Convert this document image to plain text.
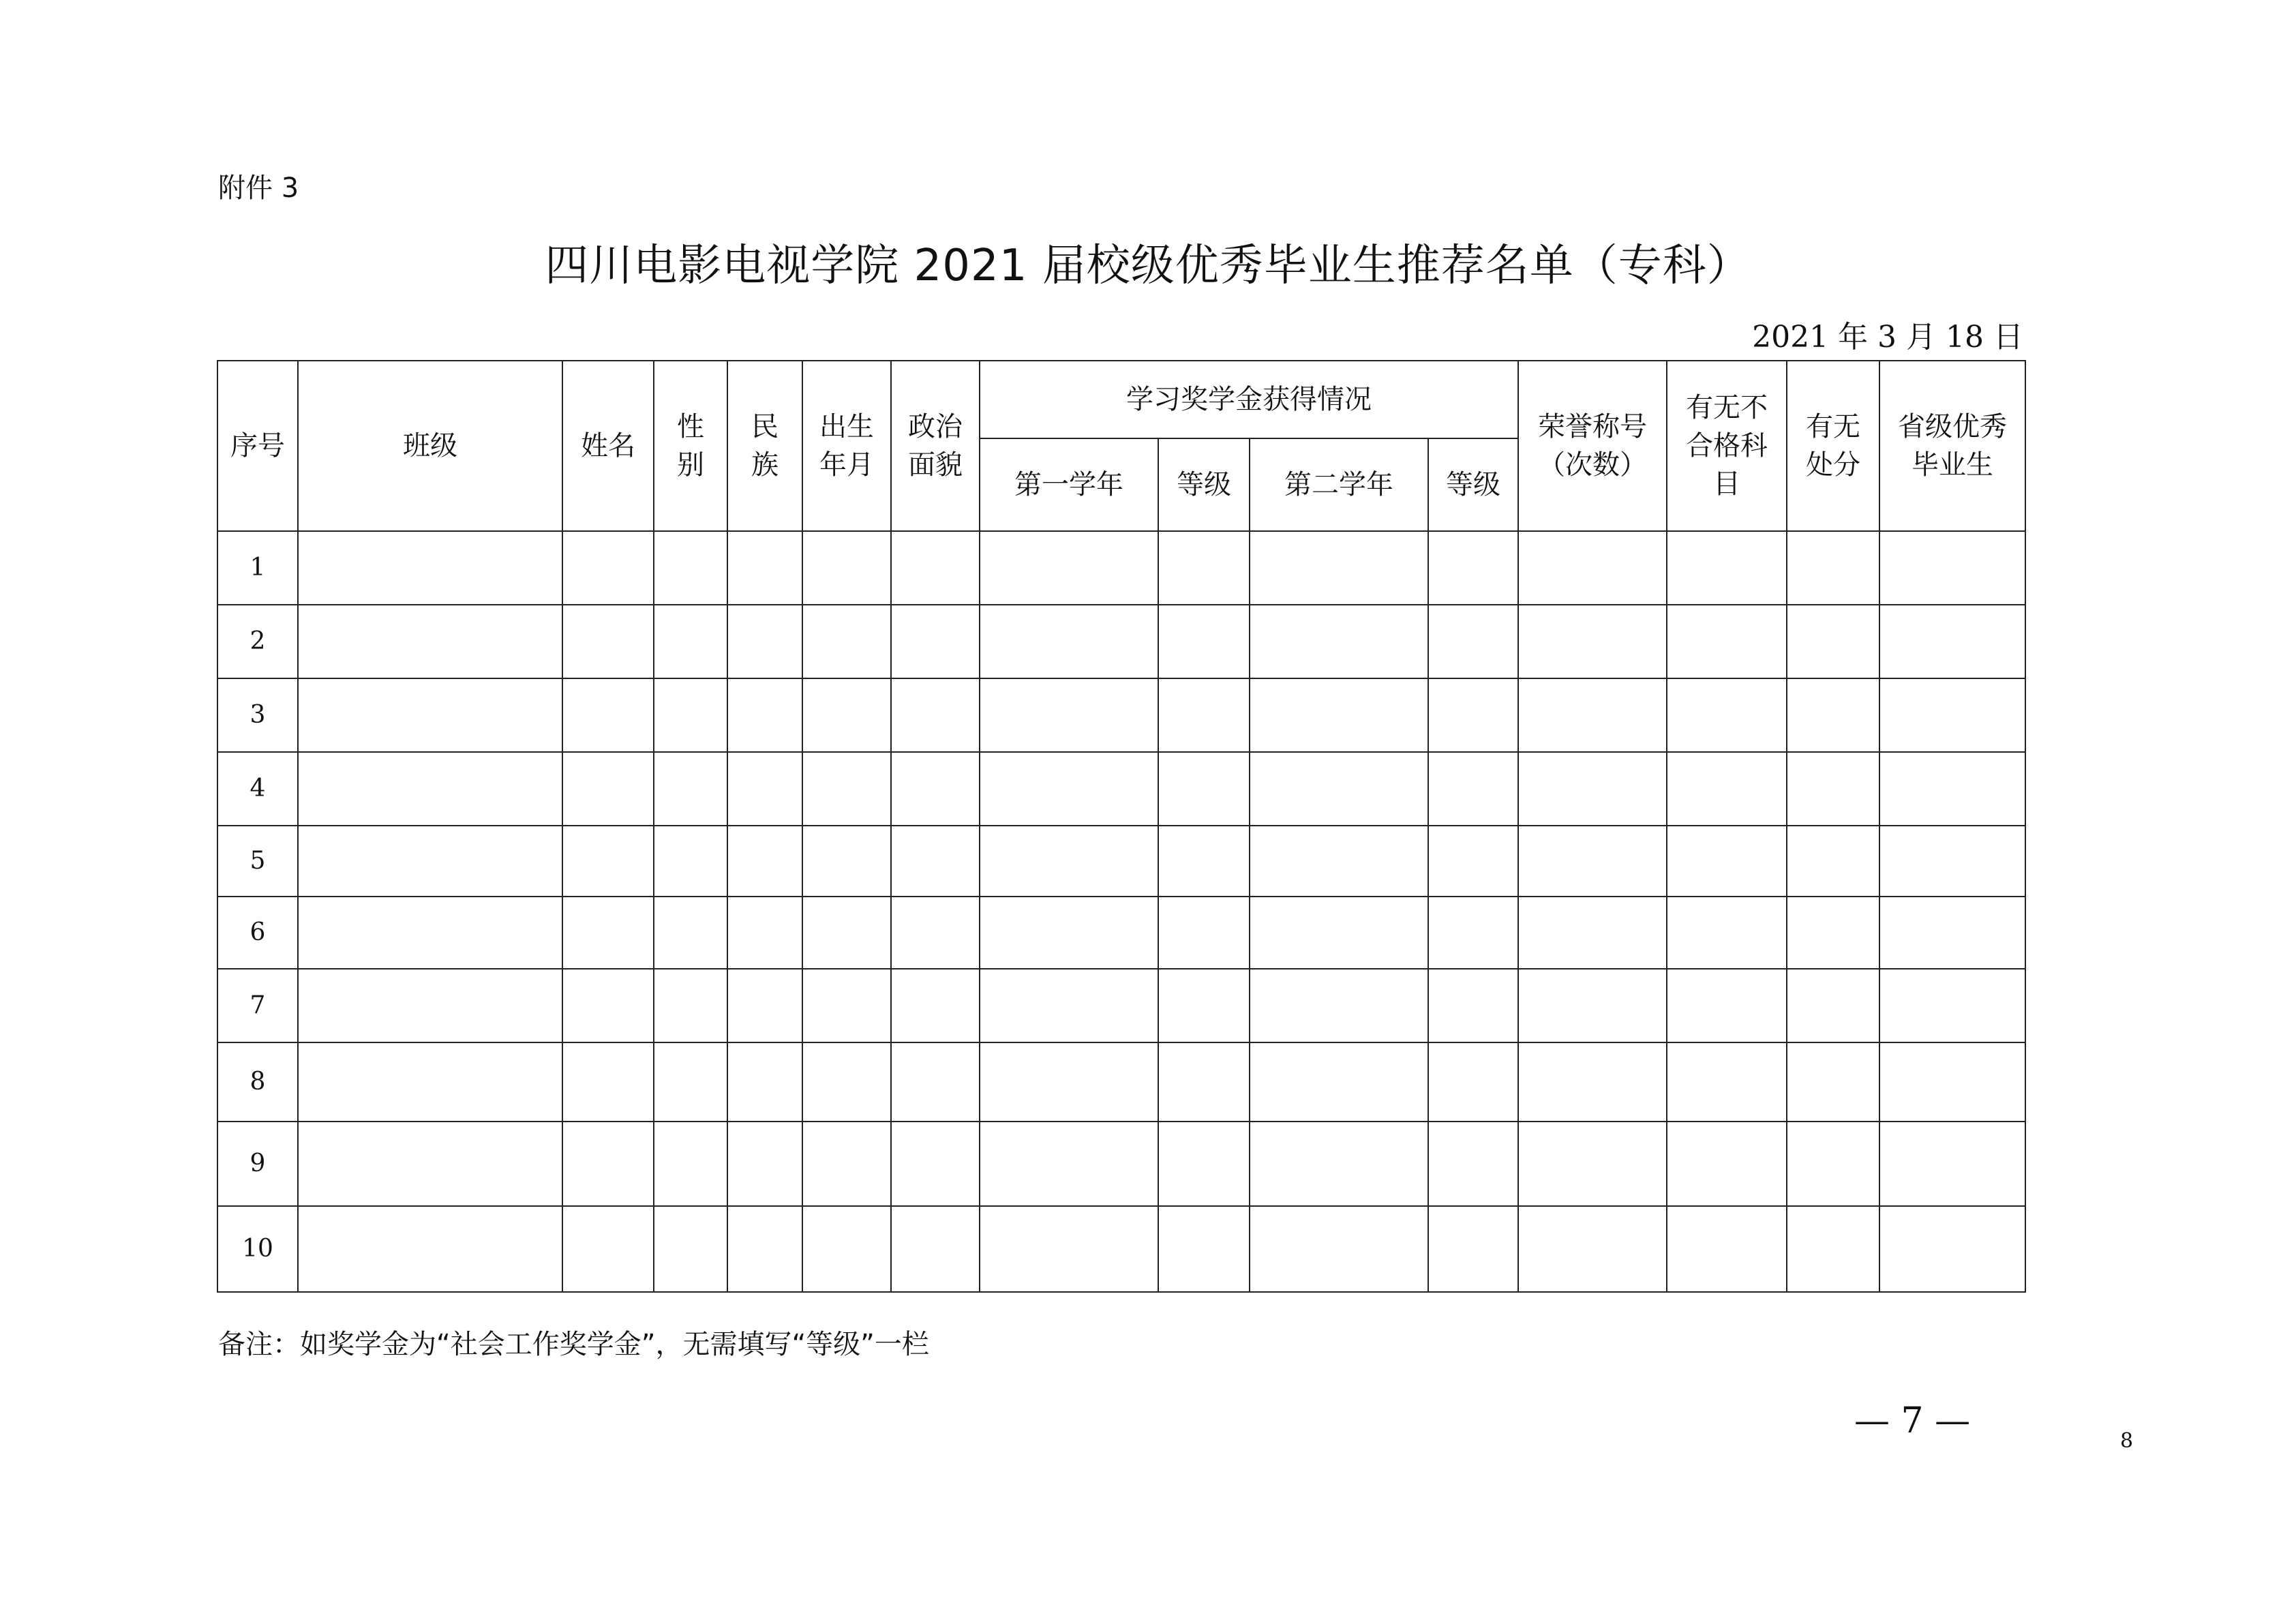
附件 3
四川电影电视学院 2021 届校级优秀毕业生推荐名单（专科）
2021 年 3 月 18 日
序号	班级	姓名	性别	民族	出生年月	政治面貌	学习奖学金获得情况				荣誉称号（次数）	有无不合格科目	有无处分	省级优秀毕业生

							第一学年	等级	第二学年	等级				
1														
2														
3														
4														
5														
6														
7														
8														
9														
10														
备注：如奖学金为“社会工作奖学金”，无需填写“等级”一栏
— 7 —	8
